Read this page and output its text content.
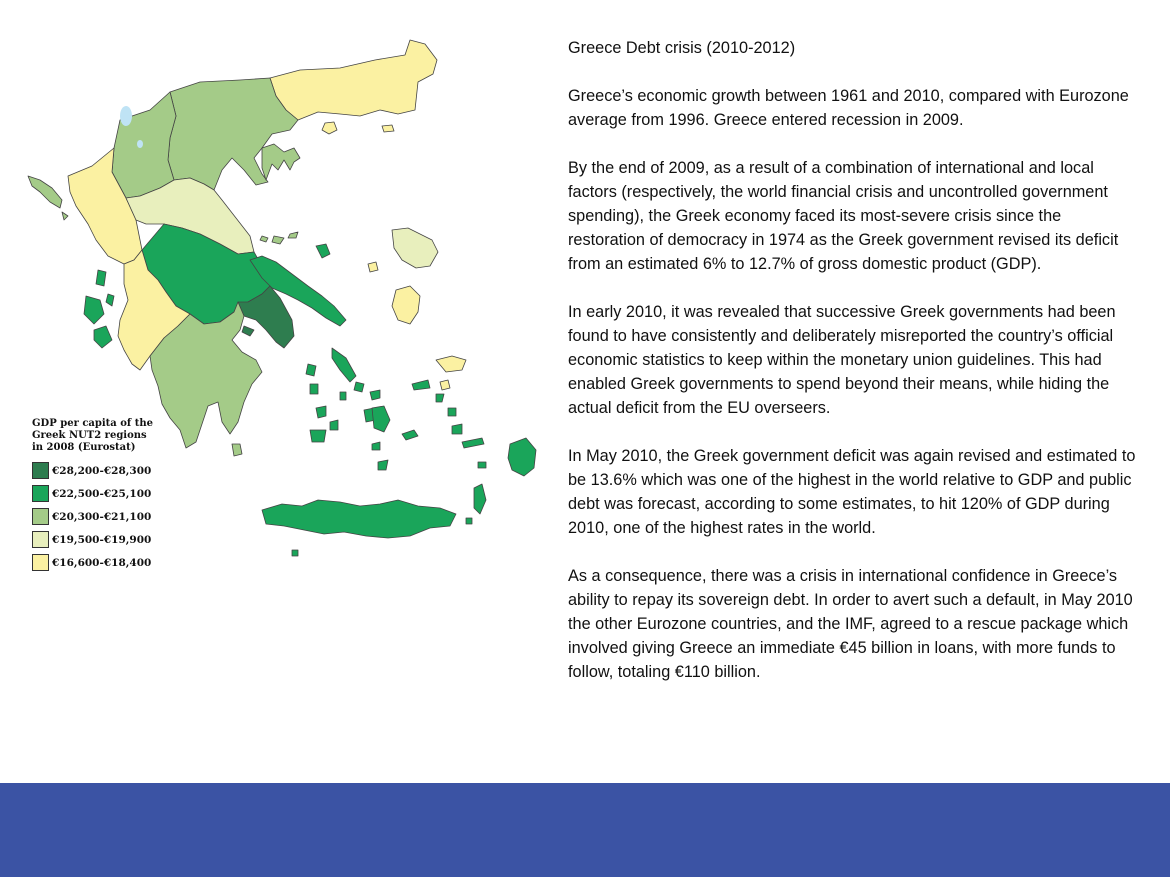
GDP per capita of the
Greek NUT2 regions
in 2008 (Eurostat)
€28,200-€28,300
€22,500-€25,100
€20,300-€21,100
€19,500-€19,900
€16,600-€18,400

Greece Debt crisis (2010-2012)

Greece’s economic growth between 1961 and 2010, compared with Eurozone average from 1996. Greece entered recession in 2009.

By the end of 2009, as a result of a combination of international and local factors (respectively, the world financial crisis and uncontrolled government spending), the Greek economy faced its most-severe crisis since the restoration of democracy in 1974 as the Greek government revised its deficit from an estimated 6% to 12.7% of gross domestic product (GDP).

In early 2010, it was revealed that successive Greek governments had been found to have consistently and deliberately misreported the country’s official economic statistics to keep within the monetary union guidelines. This had enabled Greek governments to spend beyond their means, while hiding the actual deficit from the EU overseers.

In May 2010, the Greek government deficit was again revised and estimated to be 13.6% which was one of the highest in the world relative to GDP and public debt was forecast, according to some estimates, to hit 120% of GDP during 2010, one of the highest rates in the world.

As a consequence, there was a crisis in international confidence in Greece’s ability to repay its sovereign debt. In order to avert such a default, in May 2010 the other Eurozone countries, and the IMF, agreed to a rescue package which involved giving Greece an immediate €45 billion in loans, with more funds to follow, totaling €110 billion.
